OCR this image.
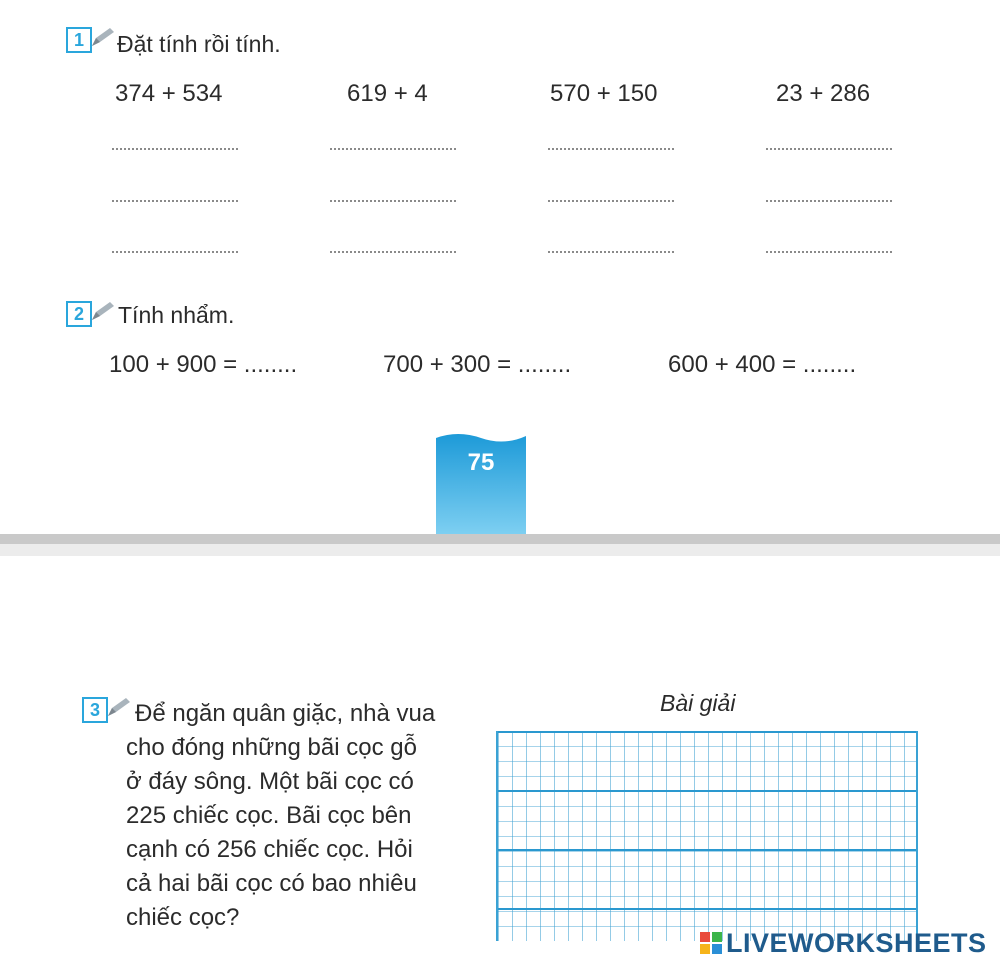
1	Đặt tính rồi tính.
374 + 534	619 + 4	570 + 150	23 + 286
2	Tính nhẩm.
100 + 900 = ........	700 + 300 = ........	600 + 400 = ........
75
3	Để ngăn quân giặc, nhà vua
cho đóng những bãi cọc gỗ
ở đáy sông. Một bãi cọc có
225 chiếc cọc. Bãi cọc bên
cạnh có 256 chiếc cọc. Hỏi
cả hai bãi cọc có bao nhiêu
chiếc cọc?
Bài giải
LIVEWORKSHEETS
